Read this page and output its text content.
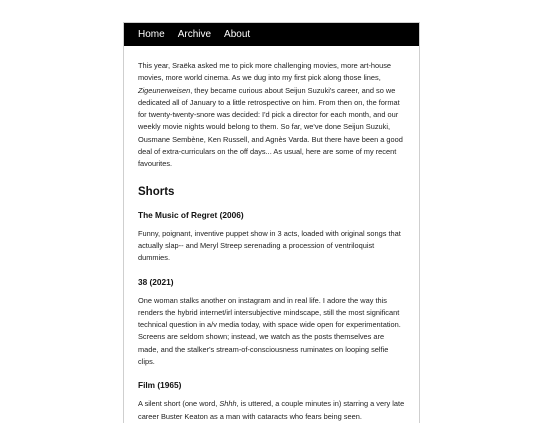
Home Archive About

This year, Sraëka asked me to pick more challenging movies, more art-house movies, more world cinema. As we dug into my first pick along those lines, Zigeunerweisen, they became curious about Seijun Suzuki's career, and so we dedicated all of January to a little retrospective on him. From then on, the format for twenty-twenty-snore was decided: I'd pick a director for each month, and our weekly movie nights would belong to them. So far, we've done Seijun Suzuki, Ousmane Sembène, Ken Russell, and Agnès Varda. But there have been a good deal of extra-curriculars on the off days... As usual, here are some of my recent favourites.

Shorts
The Music of Regret (2006)

Funny, poignant, inventive puppet show in 3 acts, loaded with original songs that actually slap-- and Meryl Streep serenading a procession of ventriloquist dummies.

38 (2021)

One woman stalks another on instagram and in real life. I adore the way this renders the hybrid internet/irl intersubjective mindscape, still the most significant technical question in a/v media today, with space wide open for experimentation. Screens are seldom shown; instead, we watch as the posts themselves are made, and the stalker's stream-of-consciousness ruminates on looping selfie clips.

Film (1965)

A silent short (one word, Shhh, is uttered, a couple minutes in) starring a very late career Buster Keaton as a man with cataracts who fears being seen.
